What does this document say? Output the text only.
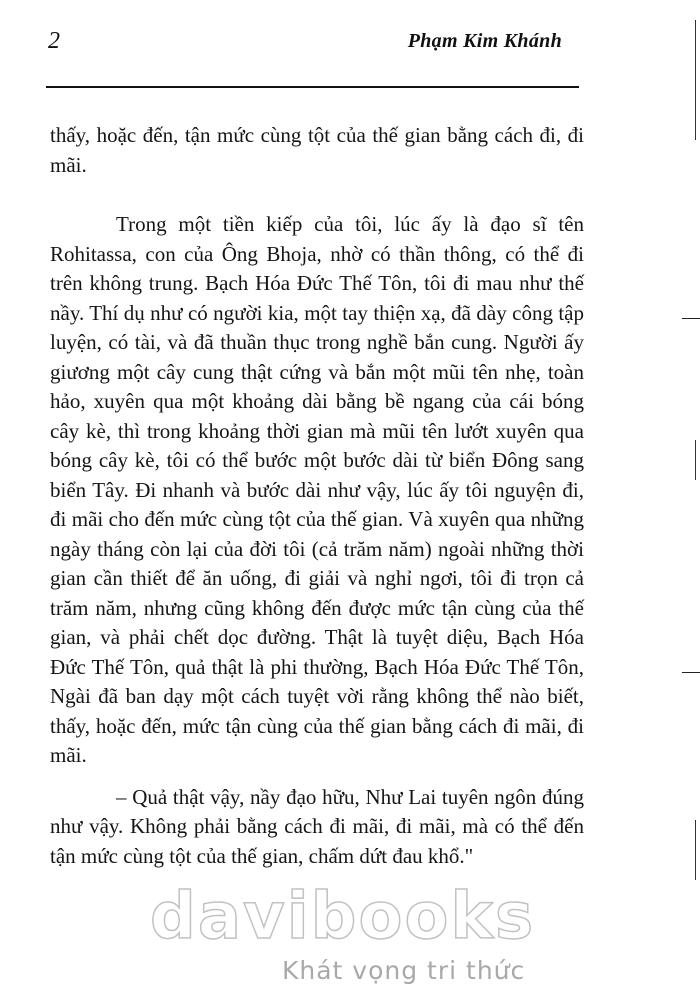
2	Phạm Kim Khánh

thấy, hoặc đến, tận mức cùng tột của thế gian bằng cách đi, đi mãi.

Trong một tiền kiếp của tôi, lúc ấy là đạo sĩ tên Rohitassa, con của Ông Bhoja, nhờ có thần thông, có thể đi trên không trung. Bạch Hóa Đức Thế Tôn, tôi đi mau như thế nầy. Thí dụ như có người kia, một tay thiện xạ, đã dày công tập luyện, có tài, và đã thuần thục trong nghề bắn cung. Người ấy giương một cây cung thật cứng và bắn một mũi tên nhẹ, toàn hảo, xuyên qua một khoảng dài bằng bề ngang của cái bóng cây kè, thì trong khoảng thời gian mà mũi tên lướt xuyên qua bóng cây kè, tôi có thể bước một bước dài từ biển Đông sang biển Tây. Đi nhanh và bước dài như vậy, lúc ấy tôi nguyện đi, đi mãi cho đến mức cùng tột của thế gian. Và xuyên qua những ngày tháng còn lại của đời tôi (cả trăm năm) ngoài những thời gian cần thiết để ăn uống, đi giải và nghỉ ngơi, tôi đi trọn cả trăm năm, nhưng cũng không đến được mức tận cùng của thế gian, và phải chết dọc đường. Thật là tuyệt diệu, Bạch Hóa Đức Thế Tôn, quả thật là phi thường, Bạch Hóa Đức Thế Tôn, Ngài đã ban dạy một cách tuyệt vời rằng không thể nào biết, thấy, hoặc đến, mức tận cùng của thế gian bằng cách đi mãi, đi mãi.

– Quả thật vậy, nầy đạo hữu, Như Lai tuyên ngôn đúng như vậy. Không phải bằng cách đi mãi, đi mãi, mà có thể đến tận mức cùng tột của thế gian, chấm dứt đau khổ."

davibooks
Khát vọng tri thức
